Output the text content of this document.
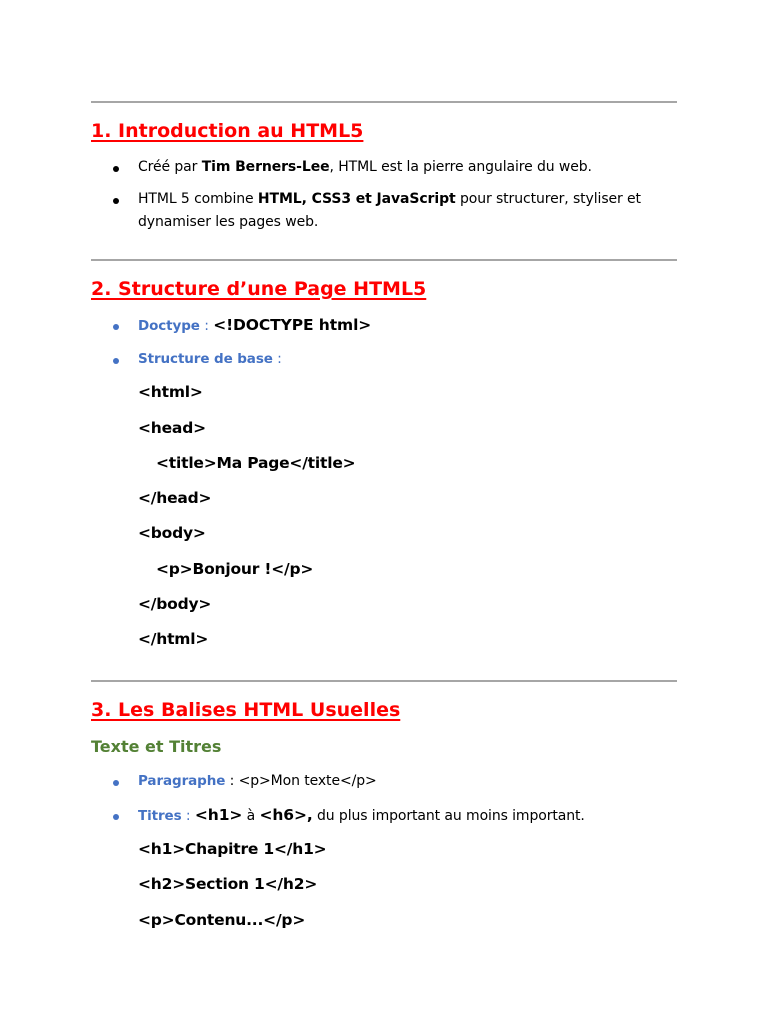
1. Introduction au HTML5

Créé par Tim Berners-Lee, HTML est la pierre angulaire du web.

HTML 5 combine HTML, CSS3 et JavaScript pour structurer, styliser et

dynamiser les pages web.

2. Structure d’une Page HTML5

Doctype : <!DOCTYPE html>

Structure de base :

<html>

<head>

<title>Ma Page</title>

</head>

<body>

<p>Bonjour !</p>

</body>

</html>

3. Les Balises HTML Usuelles
Texte et Titres

Paragraphe : <p>Mon texte</p>

Titres : <h1> à <h6>, du plus important au moins important.

<h1>Chapitre 1</h1>

<h2>Section 1</h2>

<p>Contenu...</p>
